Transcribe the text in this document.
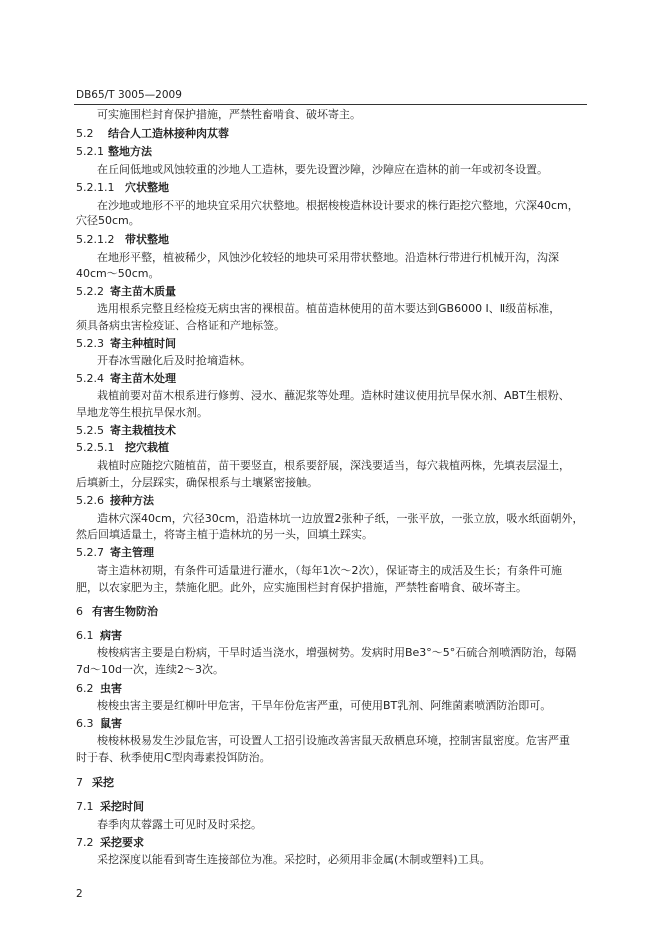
DB65/T 3005—2009
可实施围栏封育保护措施，严禁牲畜啃食、破坏寄主。
5.2 结合人工造林接种肉苁蓉
5.2.1 整地方法
在丘间低地或风蚀较重的沙地人工造林，要先设置沙障，沙障应在造林的前一年或初冬设置。
5.2.1.1 穴状整地
在沙地或地形不平的地块宜采用穴状整地。根据梭梭造林设计要求的株行距挖穴整地，穴深40cm，
穴径50cm。
5.2.1.2 带状整地
在地形平整，植被稀少，风蚀沙化较轻的地块可采用带状整地。沿造林行带进行机械开沟，沟深
40cm～50cm。
5.2.2 寄主苗木质量
选用根系完整且经检疫无病虫害的裸根苗。植苗造林使用的苗木要达到GB6000 Ⅰ、Ⅱ级苗标准，
须具备病虫害检疫证、合格证和产地标签。
5.2.3 寄主种植时间
开春冰雪融化后及时抢墒造林。
5.2.4 寄主苗木处理
栽植前要对苗木根系进行修剪、浸水、蘸泥浆等处理。造林时建议使用抗旱保水剂、ABT生根粉、
旱地龙等生根抗旱保水剂。
5.2.5 寄主栽植技术
5.2.5.1 挖穴栽植
栽植时应随挖穴随植苗，苗干要竖直，根系要舒展，深浅要适当，每穴栽植两株，先填表层湿土，
后填新土，分层踩实，确保根系与土壤紧密接触。
5.2.6 接种方法
造林穴深40cm，穴径30cm，沿造林坑一边放置2张种子纸，一张平放，一张立放，吸水纸面朝外，
然后回填适量土，将寄主植于造林坑的另一头，回填土踩实。
5.2.7 寄主管理
寄主造林初期，有条件可适量进行灌水，（每年1次～2次），保证寄主的成活及生长；有条件可施
肥，以农家肥为主，禁施化肥。此外，应实施围栏封育保护措施，严禁牲畜啃食、破坏寄主。
6 有害生物防治
6.1 病害
梭梭病害主要是白粉病，干旱时适当浇水，增强树势。发病时用Be3°～5°石硫合剂喷洒防治，每隔
7d～10d一次，连续2～3次。
6.2 虫害
梭梭虫害主要是红柳叶甲危害，干旱年份危害严重，可使用BT乳剂、阿维菌素喷洒防治即可。
6.3 鼠害
梭梭林极易发生沙鼠危害，可设置人工招引设施改善害鼠天敌栖息环境，控制害鼠密度。危害严重
时于春、秋季使用C型肉毒素投饵防治。
7 采挖
7.1 采挖时间
春季肉苁蓉露土可见时及时采挖。
7.2 采挖要求
采挖深度以能看到寄生连接部位为准。采挖时，必须用非金属(木制或塑料)工具。
2
